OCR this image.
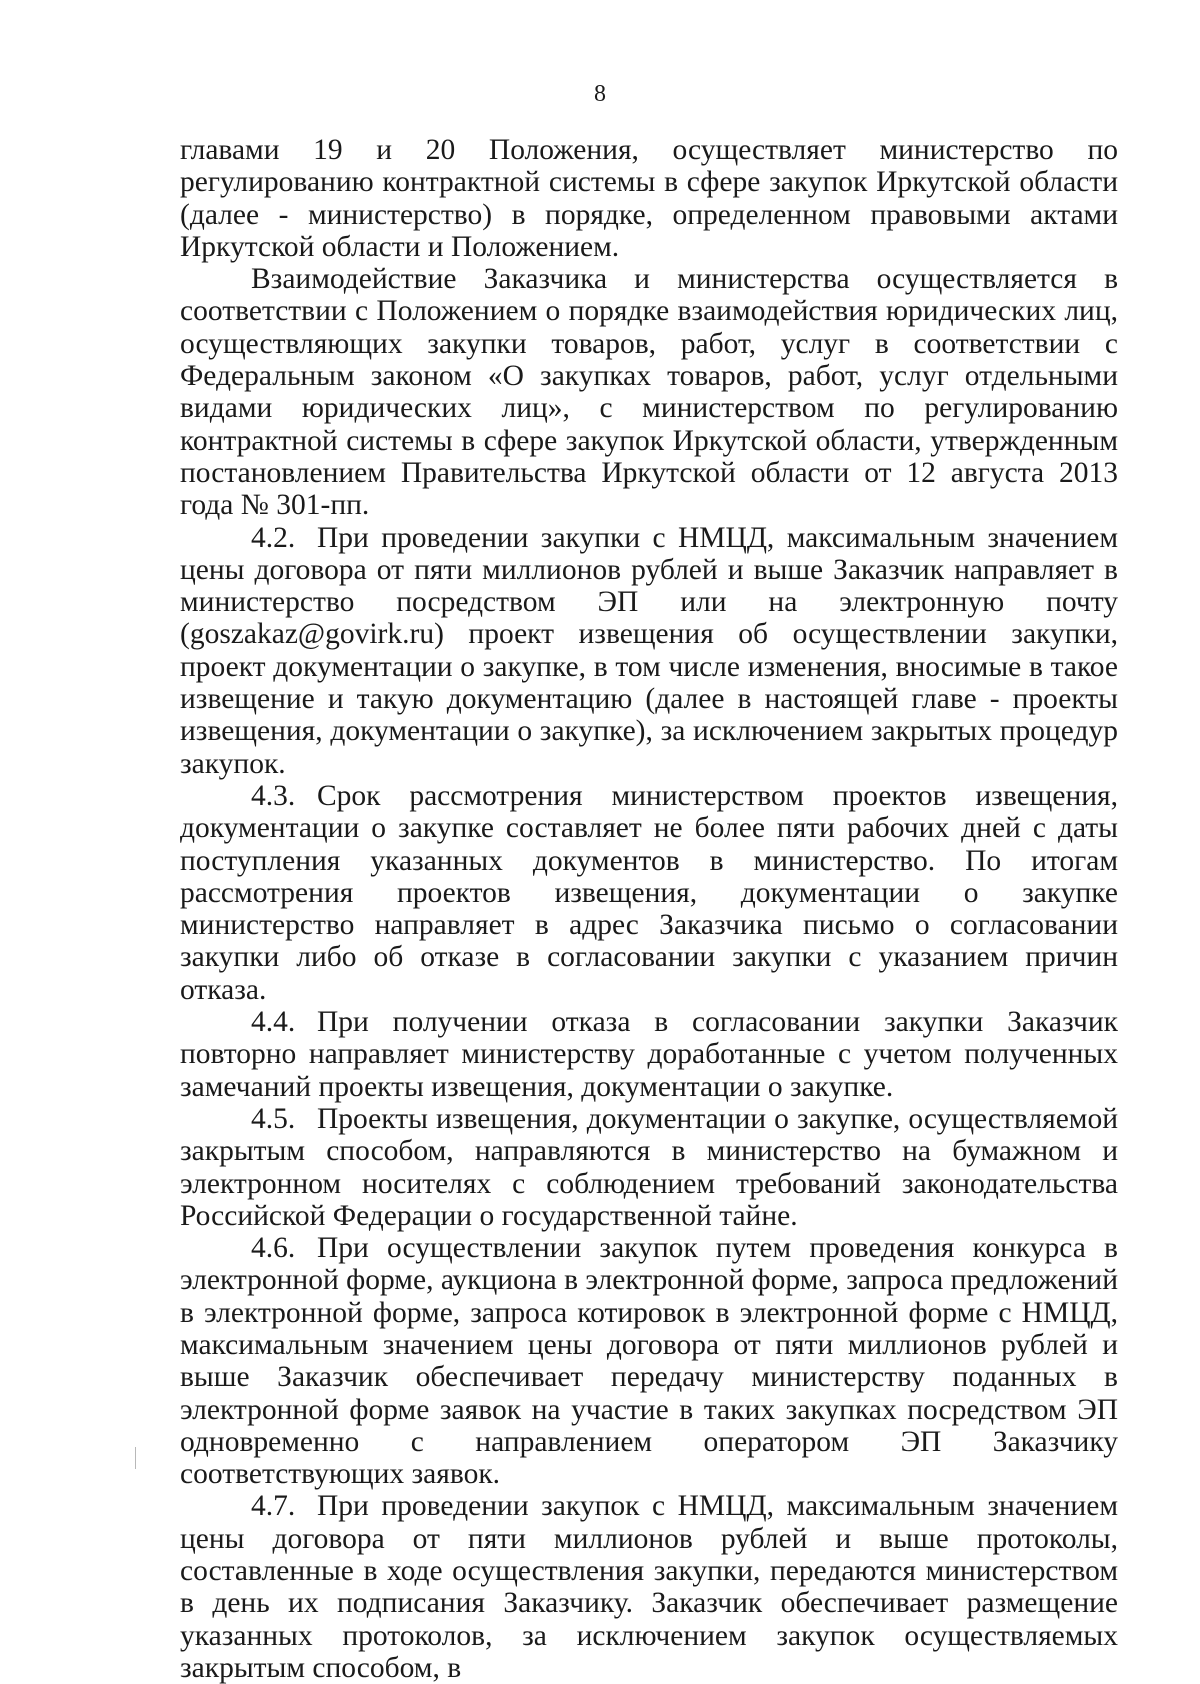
8

главами 19 и 20 Положения, осуществляет министерство по регулированию контрактной системы в сфере закупок Иркутской области (далее - министерство) в порядке, определенном правовыми актами Иркутской области и Положением.

Взаимодействие Заказчика и министерства осуществляется в соответствии с Положением о порядке взаимодействия юридических лиц, осуществляющих закупки товаров, работ, услуг в соответствии с Федеральным законом «О закупках товаров, работ, услуг отдельными видами юридических лиц», с министерством по регулированию контрактной системы в сфере закупок Иркутской области, утвержденным постановлением Правительства Иркутской области от 12 августа 2013 года № 301-пп.

4.2. При проведении закупки с НМЦД, максимальным значением цены договора от пяти миллионов рублей и выше Заказчик направляет в министерство посредством ЭП или на электронную почту (goszakaz@govirk.ru) проект извещения об осуществлении закупки, проект документации о закупке, в том числе изменения, вносимые в такое извещение и такую документацию (далее в настоящей главе - проекты извещения, документации о закупке), за исключением закрытых процедур закупок.

4.3. Срок рассмотрения министерством проектов извещения, документации о закупке составляет не более пяти рабочих дней с даты поступления указанных документов в министерство. По итогам рассмотрения проектов извещения, документации о закупке министерство направляет в адрес Заказчика письмо о согласовании закупки либо об отказе в согласовании закупки с указанием причин отказа.

4.4. При получении отказа в согласовании закупки Заказчик повторно направляет министерству доработанные с учетом полученных замечаний проекты извещения, документации о закупке.

4.5. Проекты извещения, документации о закупке, осуществляемой закрытым способом, направляются в министерство на бумажном и электронном носителях с соблюдением требований законодательства Российской Федерации о государственной тайне.

4.6. При осуществлении закупок путем проведения конкурса в электронной форме, аукциона в электронной форме, запроса предложений в электронной форме, запроса котировок в электронной форме с НМЦД, максимальным значением цены договора от пяти миллионов рублей и выше Заказчик обеспечивает передачу министерству поданных в электронной форме заявок на участие в таких закупках посредством ЭП одновременно с направлением оператором ЭП Заказчику соответствующих заявок.

4.7. При проведении закупок с НМЦД, максимальным значением цены договора от пяти миллионов рублей и выше протоколы, составленные в ходе осуществления закупки, передаются министерством в день их подписания Заказчику. Заказчик обеспечивает размещение указанных протоколов, за исключением закупок осуществляемых закрытым способом, в
